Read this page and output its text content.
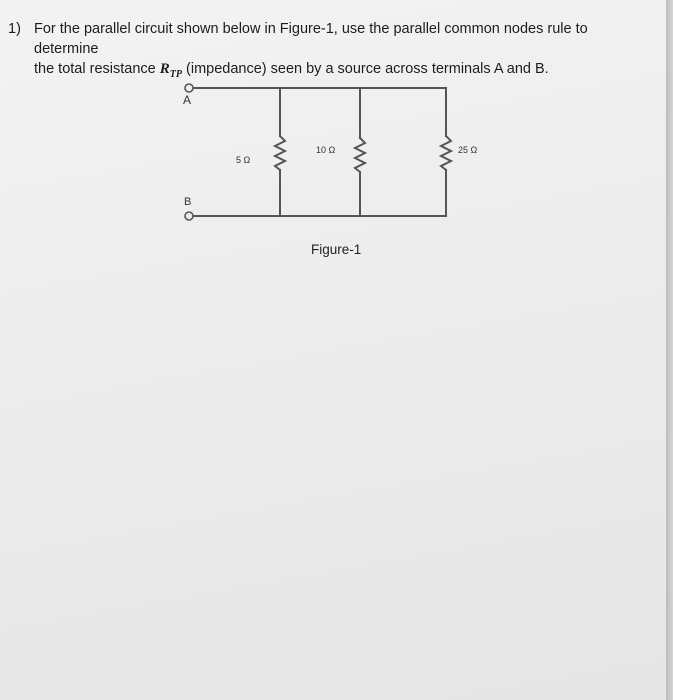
1) For the parallel circuit shown below in Figure-1, use the parallel common nodes rule to determine
the total resistance $R_{TP}$ (impedance) seen by a source across terminals A and B.
A
B
5 Ω
10 Ω	25 Ω
Figure-1
